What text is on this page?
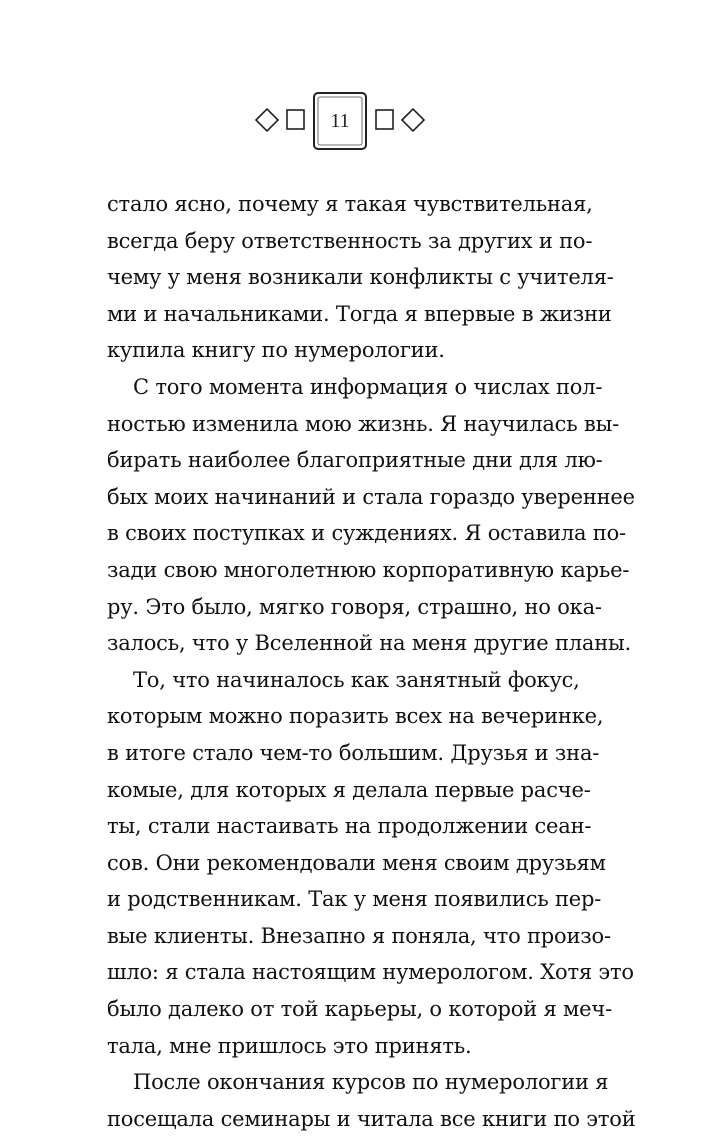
11
стало ясно, почему я такая чувствительная,
всегда беру ответственность за других и по-
чему у меня возникали конфликты с учителя-
ми и начальниками. Тогда я впервые в жизни
купила книгу по нумерологии.
С того момента информация о числах пол-
ностью изменила мою жизнь. Я научилась вы-
бирать наиболее благоприятные дни для лю-
бых моих начинаний и стала гораздо увереннее
в своих поступках и суждениях. Я оставила по-
зади свою многолетнюю корпоративную карье-
ру. Это было, мягко говоря, страшно, но ока-
залось, что у Вселенной на меня другие планы.
То, что начиналось как занятный фокус,
которым можно поразить всех на вечеринке,
в итоге стало чем-то большим. Друзья и зна-
комые, для которых я делала первые расче-
ты, стали настаивать на продолжении сеан-
сов. Они рекомендовали меня своим друзьям
и родственникам. Так у меня появились пер-
вые клиенты. Внезапно я поняла, что произо-
шло: я стала настоящим нумерологом. Хотя это
было далеко от той карьеры, о которой я меч-
тала, мне пришлось это принять.
После окончания курсов по нумерологии я
посещала семинары и читала все книги по этой
